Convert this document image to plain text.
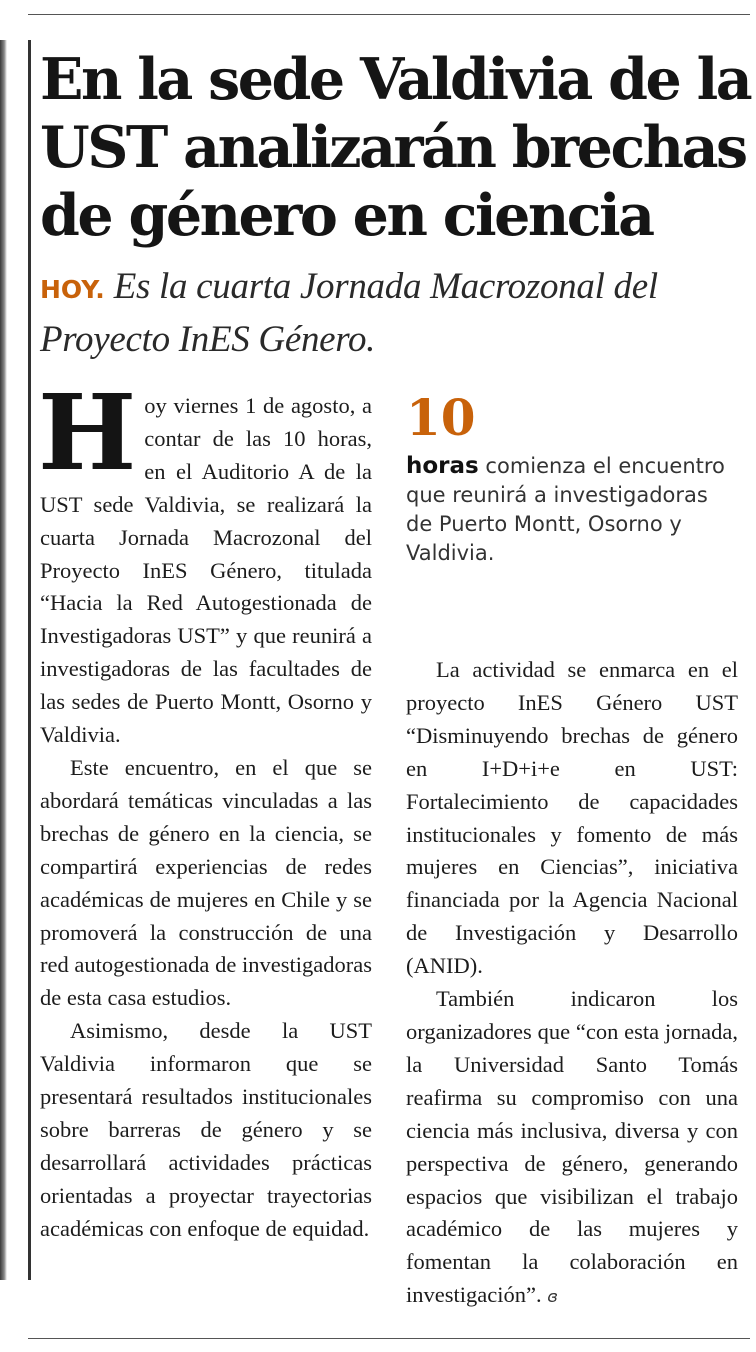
En la sede Valdivia de la UST analizarán brechas de género en ciencia

HOY. Es la cuarta Jornada Macrozonal del Proyecto InES Género.

Hoy viernes 1 de agosto, a contar de las 10 horas, en el Auditorio A de la UST sede Valdivia, se realizará la cuarta Jornada Macrozonal del Proyecto InES Género, titulada “Hacia la Red Autogestionada de Investigadoras UST” y que reunirá a investigadoras de las facultades de las sedes de Puerto Montt, Osorno y Valdivia.

Este encuentro, en el que se abordará temáticas vinculadas a las brechas de género en la ciencia, se compartirá experiencias de redes académicas de mujeres en Chile y se promoverá la construcción de una red autogestionada de investigadoras de esta casa estudios.

Asimismo, desde la UST Valdivia informaron que se presentará resultados institucionales sobre barreras de género y se desarrollará actividades prácticas orientadas a proyectar trayectorias académicas con enfoque de equidad.

10

horas comienza el encuentro que reunirá a investigadoras de Puerto Montt, Osorno y Valdivia.

La actividad se enmarca en el proyecto InES Género UST “Disminuyendo brechas de género en I+D+i+e en UST: Fortalecimiento de capacidades institucionales y fomento de más mujeres en Ciencias”, iniciativa financiada por la Agencia Nacional de Investigación y Desarrollo (ANID).

También indicaron los organizadores que “con esta jornada, la Universidad Santo Tomás reafirma su compromiso con una ciencia más inclusiva, diversa y con perspectiva de género, generando espacios que visibilizan el trabajo académico de las mujeres y fomentan la colaboración en investigación”. ɞ
